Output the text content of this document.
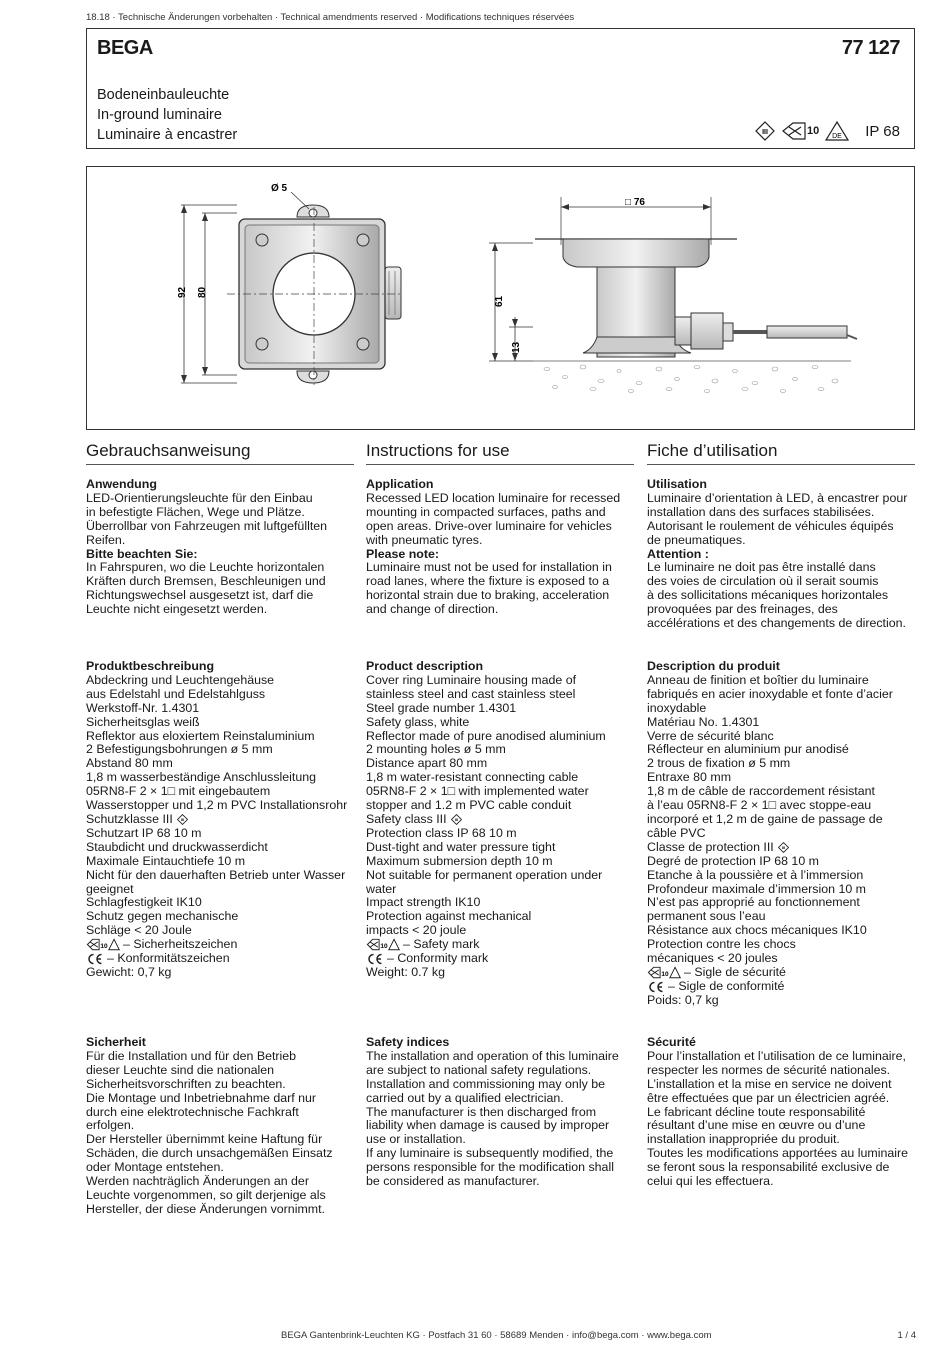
18.18 · Technische Änderungen vorbehalten · Technical amendments reserved · Modifications techniques réservées
BEGA	77 127
Bodeneinbauleuchte
In-ground luminaire
Luminaire à encastrer	III	10 DE IP 68
Ø 5
92 80
□ 76
61
13
Gebrauchsanweisung
Anwendung
LED-Orientierungsleuchte für den Einbau
in befestigte Flächen, Wege und Plätze.
Überrollbar von Fahrzeugen mit luftgefüllten
Reifen.
Bitte beachten Sie:
In Fahrspuren, wo die Leuchte horizontalen
Kräften durch Bremsen, Beschleunigen und
Richtungswechsel ausgesetzt ist, darf die
Leuchte nicht eingesetzt werden.
Produktbeschreibung
Abdeckring und Leuchtengehäuse
aus Edelstahl und Edelstahlguss
Werkstoff-Nr. 1.4301
Sicherheitsglas weiß
Reflektor aus eloxiertem Reinstaluminium
2 Befestigungsbohrungen ø 5 mm
Abstand 80 mm
1,8 m wasserbeständige Anschlussleitung
05RN8-F 2 × 1□ mit eingebautem
Wasserstopper und 1,2 m PVC Installationsrohr
Schutzklasse III III
Schutzart IP 68 10 m
Staubdicht und druckwasserdicht
Maximale Eintauchtiefe 10 m
Nicht für den dauerhaften Betrieb unter Wasser
geeignet
Schlagfestigkeit IK10
Schutz gegen mechanische
Schläge < 20 Joule
10 – Sicherheitszeichen
– Konformitätszeichen
Gewicht: 0,7 kg
Sicherheit
Für die Installation und für den Betrieb
dieser Leuchte sind die nationalen
Sicherheitsvorschriften zu beachten.
Die Montage und Inbetriebnahme darf nur
durch eine elektrotechnische Fachkraft
erfolgen.
Der Hersteller übernimmt keine Haftung für
Schäden, die durch unsachgemäßen Einsatz
oder Montage entstehen.
Werden nachträglich Änderungen an der
Leuchte vorgenommen, so gilt derjenige als
Hersteller, der diese Änderungen vornimmt.
Instructions for use
Application
Recessed LED location luminaire for recessed
mounting in compacted surfaces, paths and
open areas. Drive-over luminaire for vehicles
with pneumatic tyres.
Please note:
Luminaire must not be used for installation in
road lanes, where the fixture is exposed to a
horizontal strain due to braking, acceleration
and change of direction.
Product description
Cover ring Luminaire housing made of
stainless steel and cast stainless steel
Steel grade number 1.4301
Safety glass, white
Reflector made of pure anodised aluminium
2 mounting holes ø 5 mm
Distance apart 80 mm
1,8 m water-resistant connecting cable
05RN8-F 2 × 1□ with implemented water
stopper and 1.2 m PVC cable conduit
Safety class III III
Protection class IP 68 10 m
Dust-tight and water pressure tight
Maximum submersion depth 10 m
Not suitable for permanent operation under
water
Impact strength IK10
Protection against mechanical
impacts < 20 joule
10 – Safety mark
– Conformity mark
Weight: 0.7 kg
Safety indices
The installation and operation of this luminaire
are subject to national safety regulations.
Installation and commissioning may only be
carried out by a qualified electrician.
The manufacturer is then discharged from
liability when damage is caused by improper
use or installation.
If any luminaire is subsequently modified, the
persons responsible for the modification shall
be considered as manufacturer.
Fiche d’utilisation
Utilisation
Luminaire d’orientation à LED, à encastrer pour
installation dans des surfaces stabilisées.
Autorisant le roulement de véhicules équipés
de pneumatiques.
Attention :
Le luminaire ne doit pas être installé dans
des voies de circulation où il serait soumis
à des sollicitations mécaniques horizontales
provoquées par des freinages, des
accélérations et des changements de direction.
Description du produit
Anneau de finition et boîtier du luminaire
fabriqués en acier inoxydable et fonte d’acier
inoxydable
Matériau No. 1.4301
Verre de sécurité blanc
Réflecteur en aluminium pur anodisé
2 trous de fixation ø 5 mm
Entraxe 80 mm
1,8 m de câble de raccordement résistant
à l’eau 05RN8-F 2 × 1□ avec stoppe-eau
incorporé et 1,2 m de gaine de passage de
câble PVC
Classe de protection III III
Degré de protection IP 68 10 m
Etanche à la poussière et à l’immersion
Profondeur maximale d’immersion 10 m
N’est pas approprié au fonctionnement
permanent sous l’eau
Résistance aux chocs mécaniques IK10
Protection contre les chocs
mécaniques < 20 joules
10 – Sigle de sécurité
– Sigle de conformité
Poids: 0,7 kg
Sécurité
Pour l’installation et l’utilisation de ce luminaire,
respecter les normes de sécurité nationales.
L’installation et la mise en service ne doivent
être effectuées que par un électricien agréé.
Le fabricant décline toute responsabilité
résultant d’une mise en œuvre ou d’une
installation inappropriée du produit.
Toutes les modifications apportées au luminaire
se feront sous la responsabilité exclusive de
celui qui les effectuera.
BEGA Gantenbrink-Leuchten KG · Postfach 31 60 · 58689 Menden · info@bega.com · www.bega.com	1 / 4
